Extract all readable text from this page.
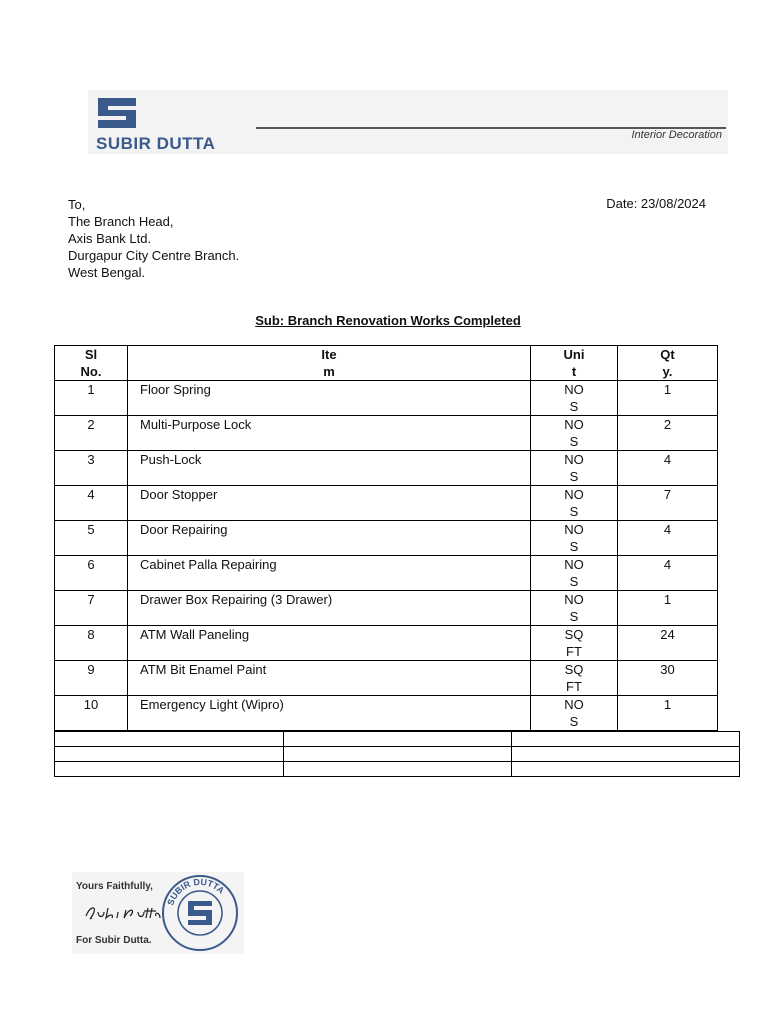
SUBIR DUTTA	Interior Decoration
To,
The Branch Head,
Axis Bank Ltd.
Durgapur City Centre Branch.
West Bengal.
Date: 23/08/2024
Sub: Branch Renovation Works Completed
Sl No.	Item	Unit	Qty.
1	Floor Spring	NOS	1
2	Multi-Purpose Lock	NOS	2
3	Push-Lock	NOS	4
4	Door Stopper	NOS	7
5	Door Repairing	NOS	4
6	Cabinet Palla Repairing	NOS	4
7	Drawer Box Repairing (3 Drawer)	NOS	1
8	ATM Wall Paneling	SQFT	24
9	ATM Bit Enamel Paint	SQFT	30
10	Emergency Light (Wipro)	NOS	1

Yours Faithfully,
For Subir Dutta.
SUBIR DUTTA
